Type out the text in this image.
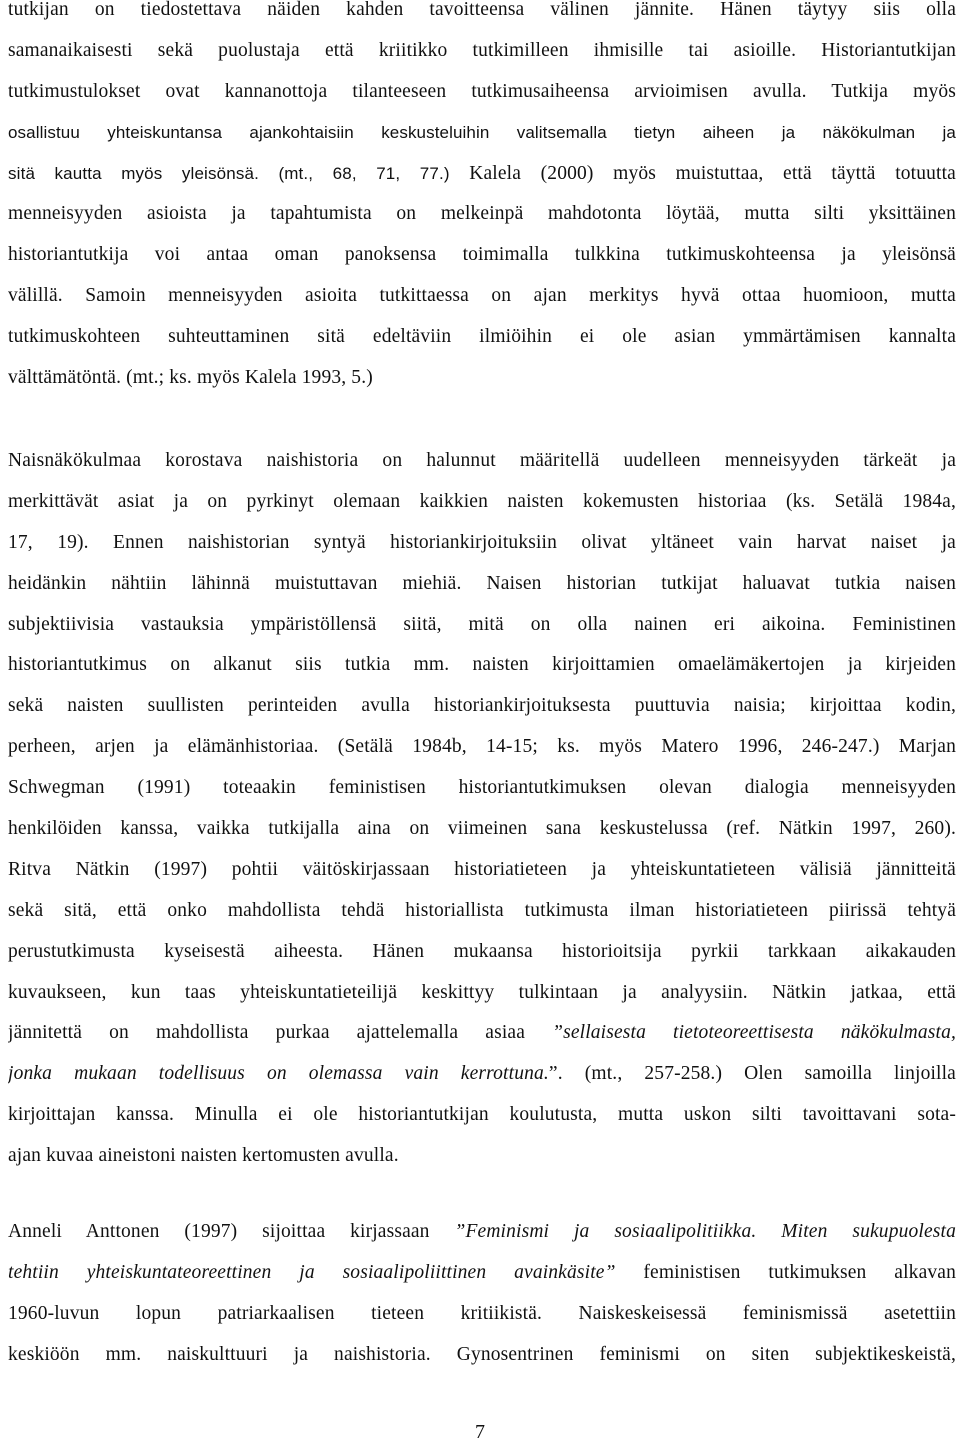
tutkijan on tiedostettava näiden kahden tavoitteensa välinen jännite. Hänen täytyy siis olla
samanaikaisesti sekä puolustaja että kriitikko tutkimilleen ihmisille tai asioille. Historiantutkijan
tutkimustulokset ovat kannanottoja tilanteeseen tutkimusaiheensa arvioimisen avulla. Tutkija myös
osallistuu yhteiskuntansa ajankohtaisiin keskusteluihin valitsemalla tietyn aiheen ja näkökulman ja
sitä kautta myös yleisönsä. (mt., 68, 71, 77.) Kalela (2000) myös muistuttaa, että täyttä totuutta
menneisyyden asioista ja tapahtumista on melkeinpä mahdotonta löytää, mutta silti yksittäinen
historiantutkija voi antaa oman panoksensa toimimalla tulkkina tutkimuskohteensa ja yleisönsä
välillä. Samoin menneisyyden asioita tutkittaessa on ajan merkitys hyvä ottaa huomioon, mutta
tutkimuskohteen suhteuttaminen sitä edeltäviin ilmiöihin ei ole asian ymmärtämisen kannalta
välttämätöntä. (mt.; ks. myös Kalela 1993, 5.)
Naisnäkökulmaa korostava naishistoria on halunnut määritellä uudelleen menneisyyden tärkeät ja
merkittävät asiat ja on pyrkinyt olemaan kaikkien naisten kokemusten historiaa (ks. Setälä 1984a,
17, 19). Ennen naishistorian syntyä historiankirjoituksiin olivat yltäneet vain harvat naiset ja
heidänkin nähtiin lähinnä muistuttavan miehiä. Naisen historian tutkijat haluavat tutkia naisen
subjektiivisia vastauksia ympäristöllensä siitä, mitä on olla nainen eri aikoina. Feministinen
historiantutkimus on alkanut siis tutkia mm. naisten kirjoittamien omaelämäkertojen ja kirjeiden
sekä naisten suullisten perinteiden avulla historiankirjoituksesta puuttuvia naisia; kirjoittaa kodin,
perheen, arjen ja elämänhistoriaa. (Setälä 1984b, 14-15; ks. myös Matero 1996, 246-247.) Marjan
Schwegman (1991) toteaakin feministisen historiantutkimuksen olevan dialogia menneisyyden
henkilöiden kanssa, vaikka tutkijalla aina on viimeinen sana keskustelussa (ref. Nätkin 1997, 260).
Ritva Nätkin (1997) pohtii väitöskirjassaan historiatieteen ja yhteiskuntatieteen välisiä jännitteitä
sekä sitä, että onko mahdollista tehdä historiallista tutkimusta ilman historiatieteen piirissä tehtyä
perustutkimusta kyseisestä aiheesta. Hänen mukaansa historioitsija pyrkii tarkkaan aikakauden
kuvaukseen, kun taas yhteiskuntatieteilijä keskittyy tulkintaan ja analyysiin. Nätkin jatkaa, että
jännitettä on mahdollista purkaa ajattelemalla asiaa ”sellaisesta tietoteoreettisesta näkökulmasta,
jonka mukaan todellisuus on olemassa vain kerrottuna.”. (mt., 257-258.) Olen samoilla linjoilla
kirjoittajan kanssa. Minulla ei ole historiantutkijan koulutusta, mutta uskon silti tavoittavani sota-
ajan kuvaa aineistoni naisten kertomusten avulla.
Anneli Anttonen (1997) sijoittaa kirjassaan ”Feminismi ja sosiaalipolitiikka. Miten sukupuolesta
tehtiin yhteiskuntateoreettinen ja sosiaalipoliittinen avainkäsite” feministisen tutkimuksen alkavan
1960-luvun lopun patriarkaalisen tieteen kritiikistä. Naiskeskeisessä feminismissä asetettiin
keskiöön mm. naiskulttuuri ja naishistoria. Gynosentrinen feminismi on siten subjektikeskeistä,
7
